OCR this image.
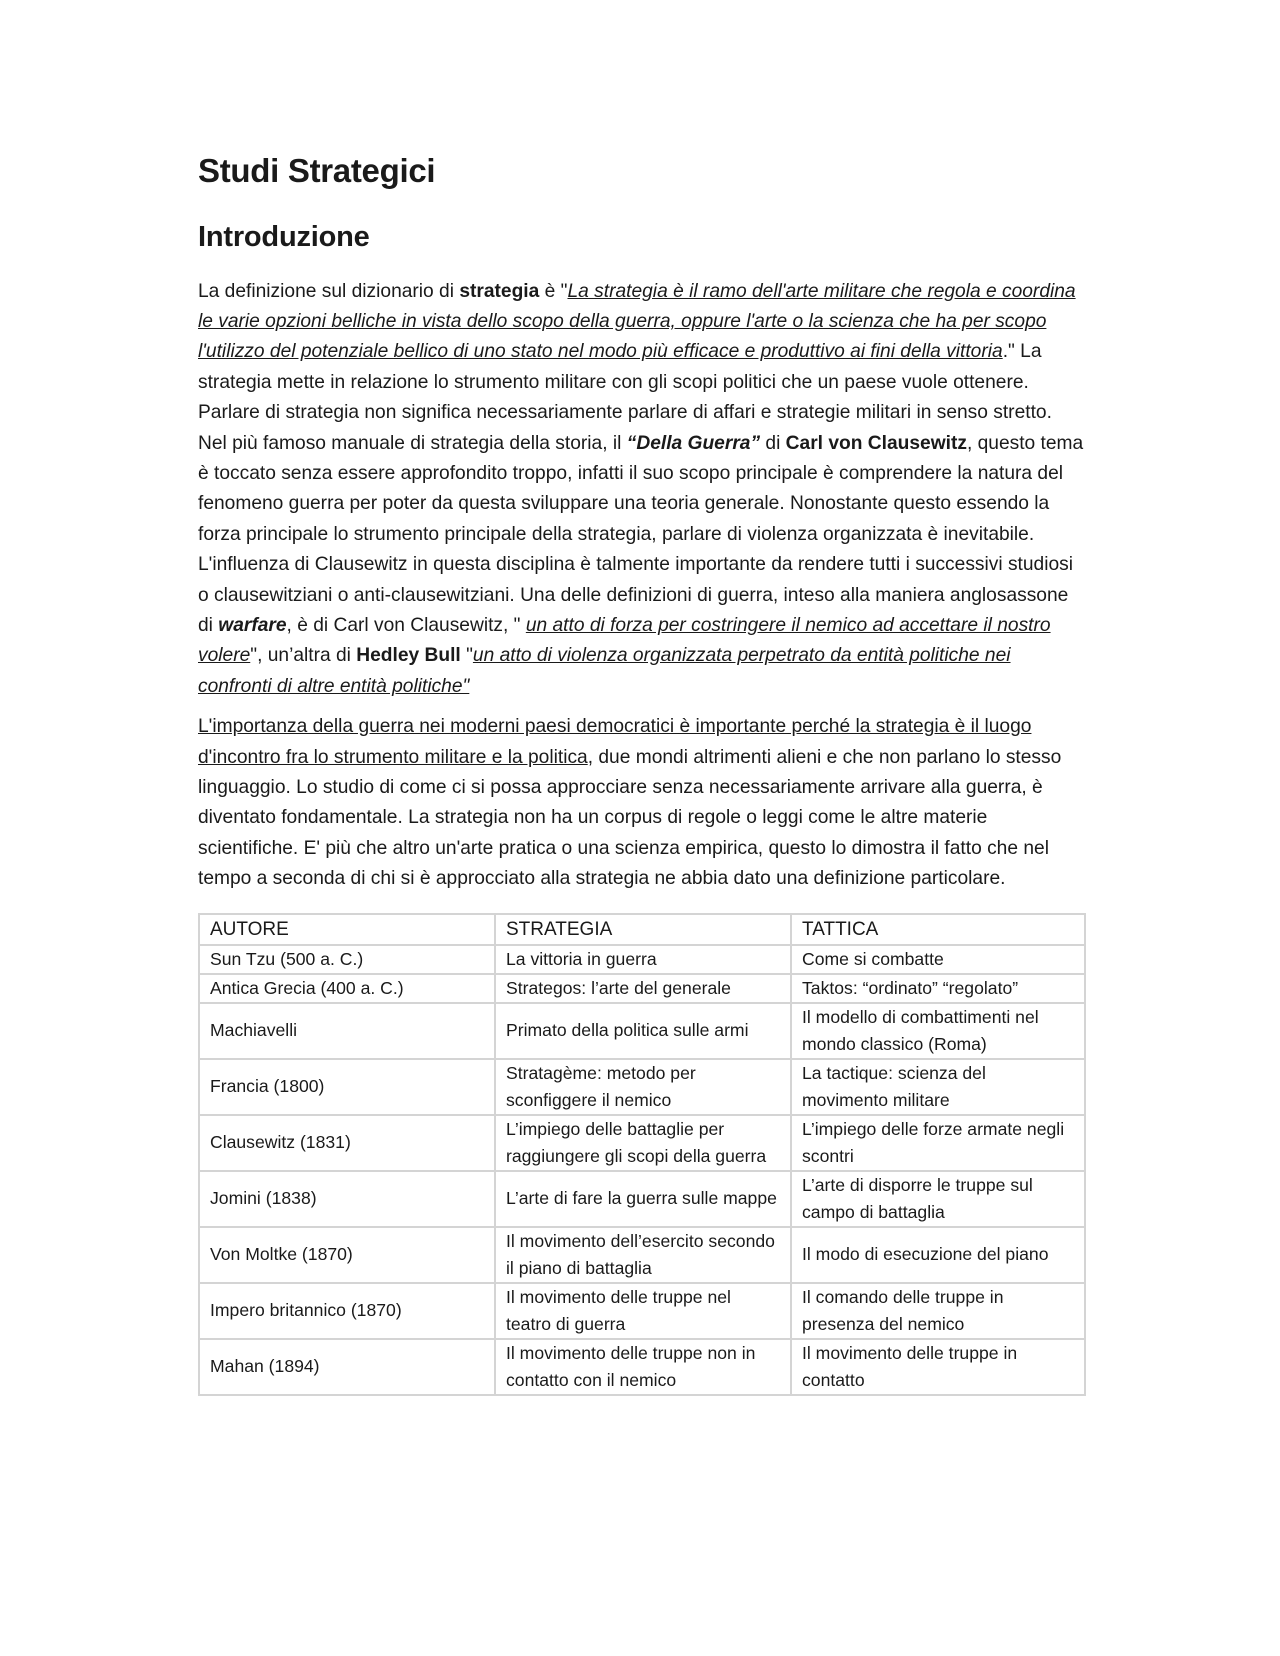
Studi Strategici
Introduzione

La definizione sul dizionario di strategia è "La strategia è il ramo dell'arte militare che regola e coordina le varie opzioni belliche in vista dello scopo della guerra, oppure l'arte o la scienza che ha per scopo l'utilizzo del potenziale bellico di uno stato nel modo più efficace e produttivo ai fini della vittoria." La strategia mette in relazione lo strumento militare con gli scopi politici che un paese vuole ottenere. Parlare di strategia non significa necessariamente parlare di affari e strategie militari in senso stretto. Nel più famoso manuale di strategia della storia, il “Della Guerra” di Carl von Clausewitz, questo tema è toccato senza essere approfondito troppo, infatti il suo scopo principale è comprendere la natura del fenomeno guerra per poter da questa sviluppare una teoria generale. Nonostante questo essendo la forza principale lo strumento principale della strategia, parlare di violenza organizzata è inevitabile. L'influenza di Clausewitz in questa disciplina è talmente importante da rendere tutti i successivi studiosi o clausewitziani o anti-clausewitziani. Una delle definizioni di guerra, inteso alla maniera anglosassone di warfare, è di Carl von Clausewitz, " un atto di forza per costringere il nemico ad accettare il nostro volere", un’altra di Hedley Bull "un atto di violenza organizzata perpetrato da entità politiche nei confronti di altre entità politiche"

L'importanza della guerra nei moderni paesi democratici è importante perché la strategia è il luogo d'incontro fra lo strumento militare e la politica, due mondi altrimenti alieni e che non parlano lo stesso linguaggio. Lo studio di come ci si possa approcciare senza necessariamente arrivare alla guerra, è diventato fondamentale. La strategia non ha un corpus di regole o leggi come le altre materie scientifiche. E' più che altro un'arte pratica o una scienza empirica, questo lo dimostra il fatto che nel tempo a seconda di chi si è approcciato alla strategia ne abbia dato una definizione particolare.

AUTORE	STRATEGIA	TATTICA
Sun Tzu (500 a. C.)	La vittoria in guerra	Come si combatte
Antica Grecia (400 a. C.)	Strategos: l’arte del generale	Taktos: “ordinato” “regolato”
Machiavelli	Primato della politica sulle armi	Il modello di combattimenti nel mondo classico (Roma)
Francia (1800)	Stratagème: metodo per sconfiggere il nemico	La tactique: scienza del movimento militare
Clausewitz (1831)	L’impiego delle battaglie per raggiungere gli scopi della guerra	L’impiego delle forze armate negli scontri
Jomini (1838)	L’arte di fare la guerra sulle mappe	L’arte di disporre le truppe sul campo di battaglia
Von Moltke (1870)	Il movimento dell’esercito secondo il piano di battaglia	Il modo di esecuzione del piano
Impero britannico (1870)	Il movimento delle truppe nel teatro di guerra	Il comando delle truppe in presenza del nemico
Mahan (1894)	Il movimento delle truppe non in contatto con il nemico	Il movimento delle truppe in contatto
